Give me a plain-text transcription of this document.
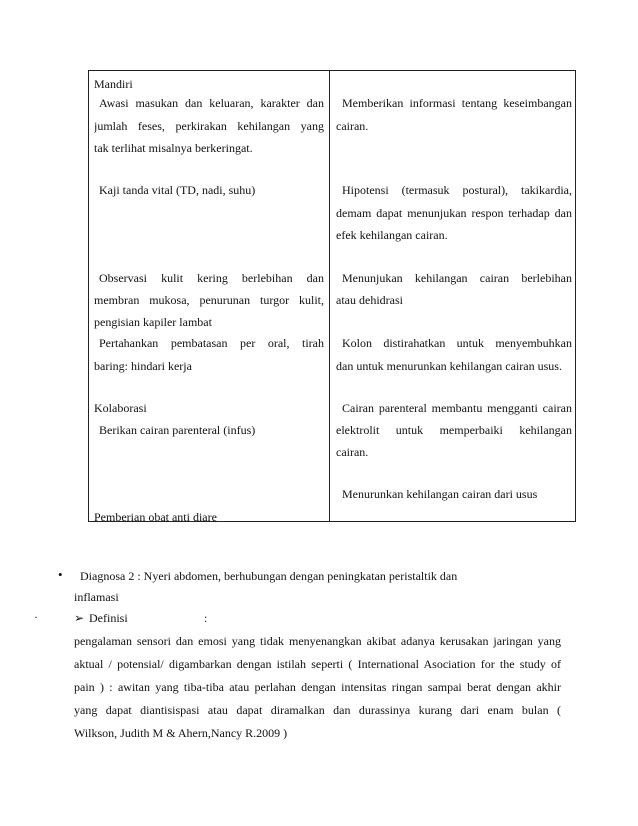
Mandiri
Awasi masukan dan keluaran, karakter dan
jumlah feses, perkirakan kehilangan yang
tak terlihat misalnya berkeringat.
Kaji tanda vital (TD, nadi, suhu)
Observasi kulit kering berlebihan dan
membran mukosa, penurunan turgor kulit,
pengisian kapiler lambat
Pertahankan pembatasan per oral, tirah
baring: hindari kerja
Kolaborasi
Berikan cairan parenteral (infus)
Pemberian obat anti diare
Memberikan informasi tentang keseimbangan
cairan.
Hipotensi (termasuk postural), takikardia,
demam dapat menunjukan respon terhadap dan
efek kehilangan cairan.
Menunjukan kehilangan cairan berlebihan
atau dehidrasi
Kolon distirahatkan untuk menyembuhkan
dan untuk menurunkan kehilangan cairan usus.
Cairan parenteral membantu mengganti cairan
elektrolit untuk memperbaiki kehilangan
cairan.
Menurunkan kehilangan cairan dari usus
• Diagnosa 2 : Nyeri abdomen, berhubungan dengan peningkatan peristaltik dan
inflamasi
·	➢ Definisi	:
pengalaman sensori dan emosi yang tidak menyenangkan akibat adanya kerusakan jaringan yang
aktual / potensial/ digambarkan dengan istilah seperti ( International Asociation for the study of
pain ) : awitan yang tiba-tiba atau perlahan dengan intensitas ringan sampai berat dengan akhir
yang dapat diantisispasi atau dapat diramalkan dan durassinya kurang dari enam bulan (
Wilkson, Judith M & Ahern,Nancy R.2009 )
